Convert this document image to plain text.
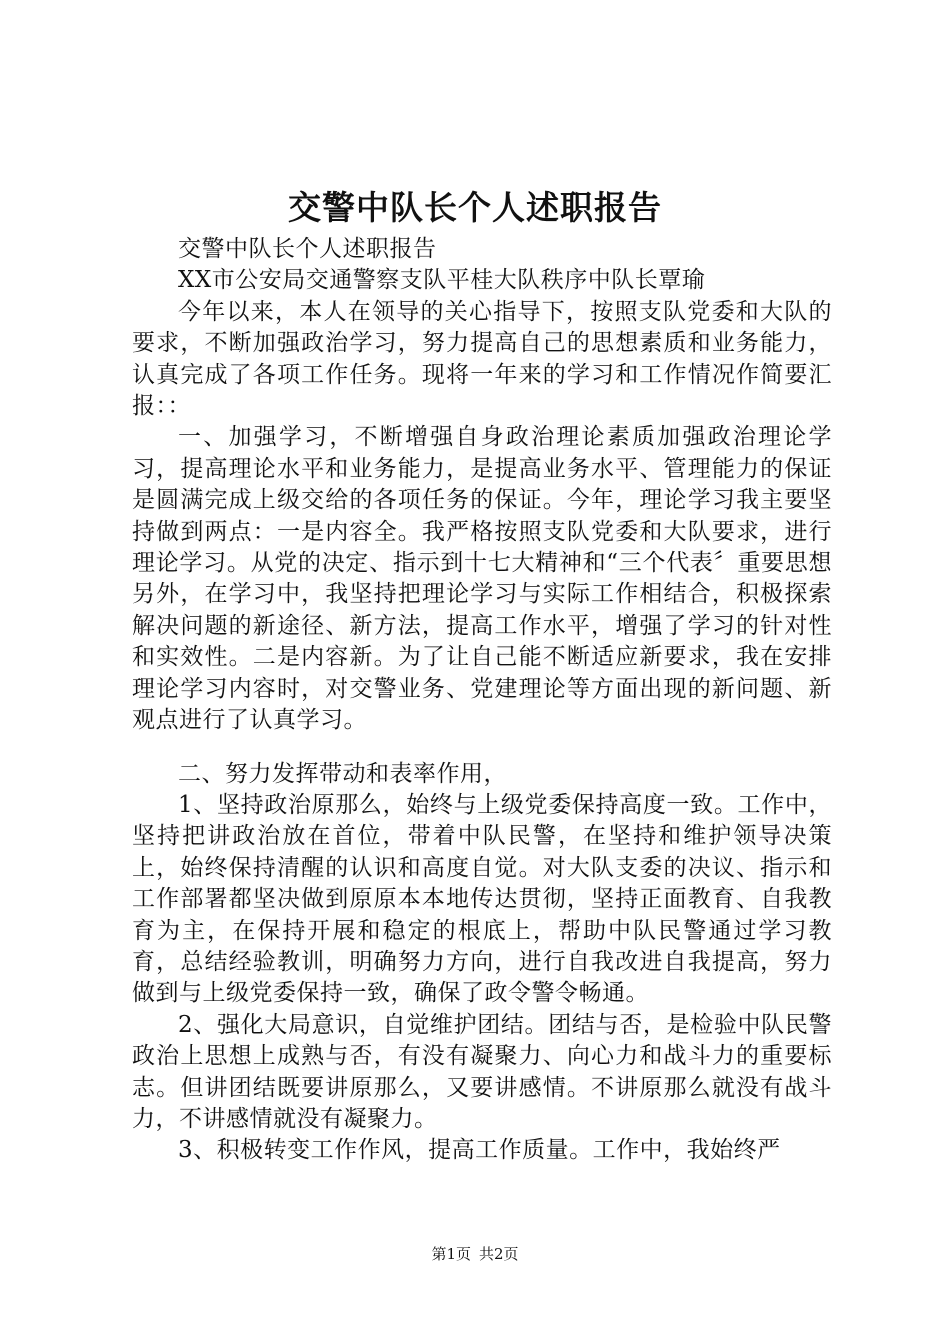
交警中队长个人述职报告

交警中队长个人述职报告

XX市公安局交通警察支队平桂大队秩序中队长覃瑜

今年以来，本人在领导的关心指导下，按照支队党委和大队的要求，不断加强政治学习，努力提高自己的思想素质和业务能力，认真完成了各项工作任务。现将一年来的学习和工作情况作简要汇报：：

一、加强学习，不断增强自身政治理论素质加强政治理论学习，提高理论水平和业务能力，是提高业务水平、管理能力的保证是圆满完成上级交给的各项任务的保证。今年，理论学习我主要坚持做到两点：一是内容全。我严格按照支队党委和大队要求，进行理论学习。从党的决定、指示到十七大精神和“三个代表〞重要思想另外，在学习中，我坚持把理论学习与实际工作相结合，积极探索解决问题的新途径、新方法，提高工作水平，增强了学习的针对性和实效性。二是内容新。为了让自己能不断适应新要求，我在安排理论学习内容时，对交警业务、党建理论等方面出现的新问题、新观点进行了认真学习。

二、努力发挥带动和表率作用，

1、坚持政治原那么，始终与上级党委保持高度一致。工作中，坚持把讲政治放在首位，带着中队民警，在坚持和维护领导决策上，始终保持清醒的认识和高度自觉。对大队支委的决议、指示和工作部署都坚决做到原原本本地传达贯彻，坚持正面教育、自我教育为主，在保持开展和稳定的根底上，帮助中队民警通过学习教育，总结经验教训，明确努力方向，进行自我改进自我提高，努力做到与上级党委保持一致，确保了政令警令畅通。

2、强化大局意识，自觉维护团结。团结与否，是检验中队民警政治上思想上成熟与否，有没有凝聚力、向心力和战斗力的重要标志。但讲团结既要讲原那么，又要讲感情。不讲原那么就没有战斗力，不讲感情就没有凝聚力。

3、积极转变工作作风，提高工作质量。工作中，我始终严

第1页 共2页
